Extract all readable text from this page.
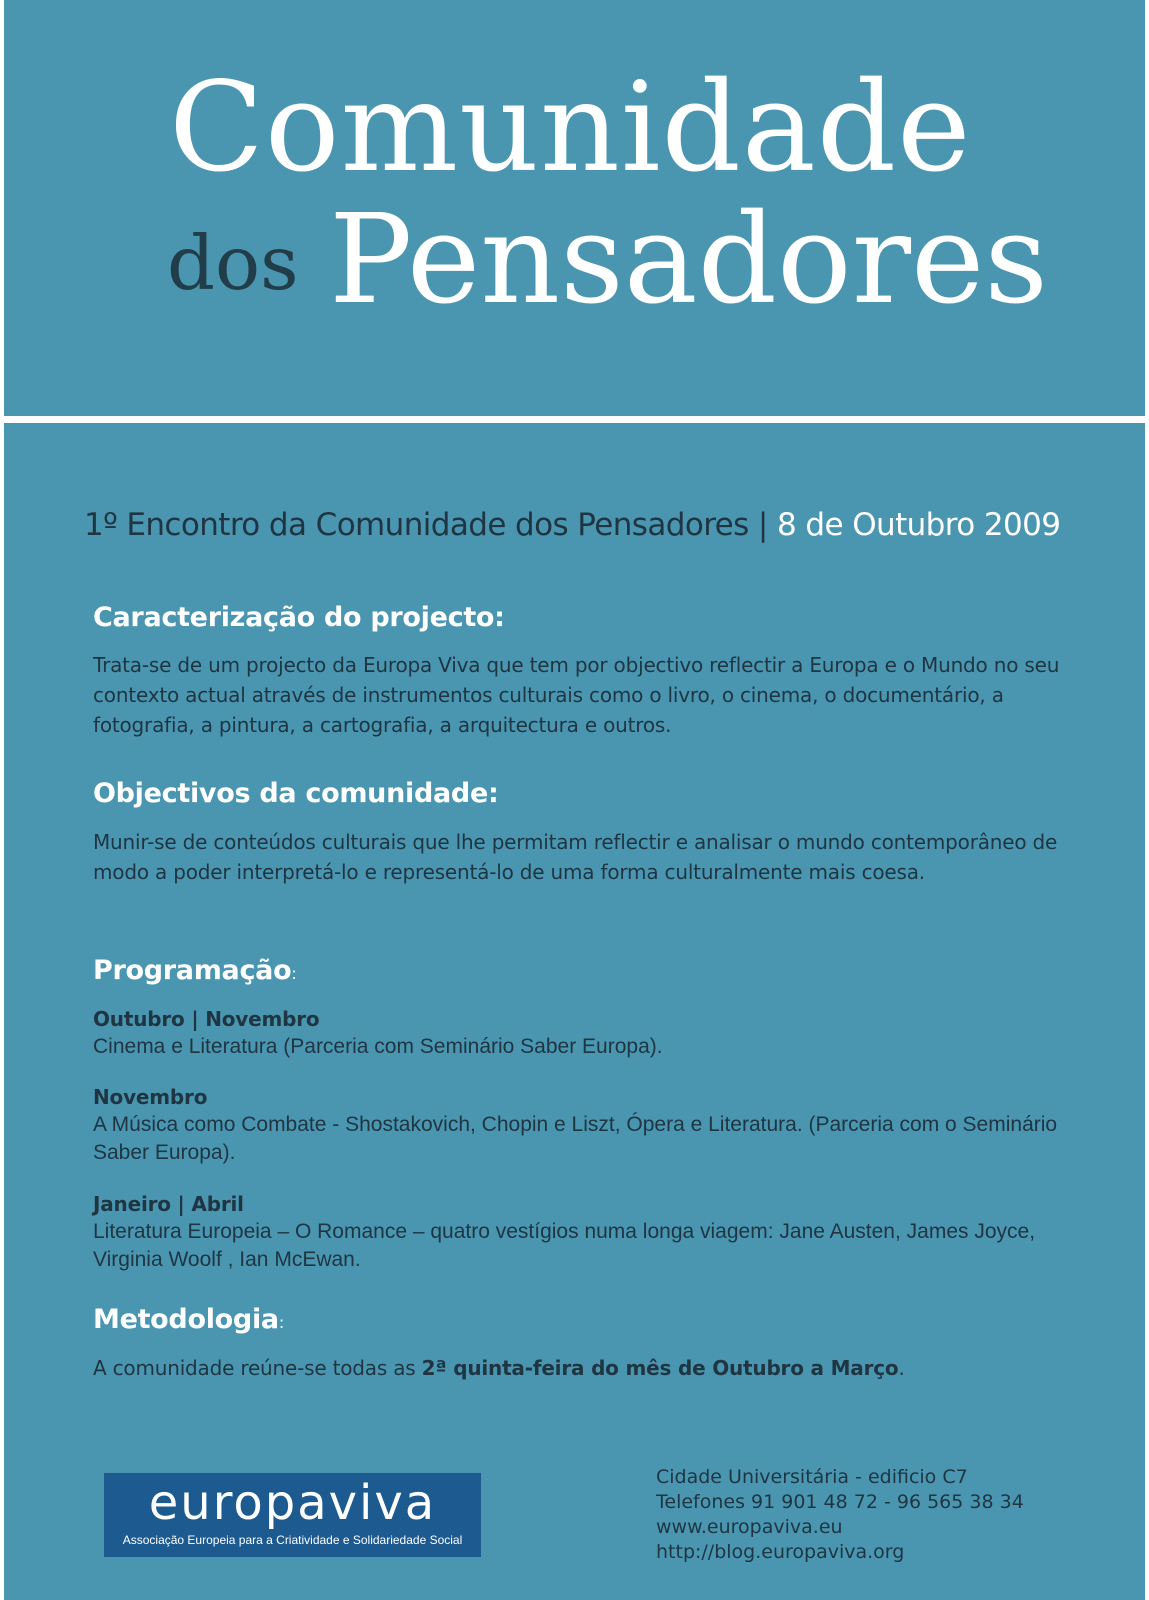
Comunidade
dos Pensadores
1º Encontro da Comunidade dos Pensadores | 8 de Outubro 2009
Caracterização do projecto:

Trata-se de um projecto da Europa Viva que tem por objectivo reflectir a Europa e o Mundo no seu contexto actual através de instrumentos culturais como o livro, o cinema, o documentário, a fotografia, a pintura, a cartografia, a arquitectura e outros.

Objectivos da comunidade:

Munir-se de conteúdos culturais que lhe permitam reflectir e analisar o mundo contemporâneo de modo a poder interpretá-lo e representá-lo de uma forma culturalmente mais coesa.

Programação:
Outubro | Novembro
Cinema e Literatura (Parceria com Seminário Saber Europa).
Novembro
A Música como Combate - Shostakovich, Chopin e Liszt, Ópera e Literatura. (Parceria com o Seminário Saber Europa).
Janeiro | Abril
Literatura Europeia – O Romance – quatro vestígios numa longa viagem: Jane Austen, James Joyce, Virginia Woolf , Ian McEwan.
Metodologia:

A comunidade reúne-se todas as 2ª quinta-feira do mês de Outubro a Março.

europaviva
Associação Europeia para a Criatividade e Solidariedade Social
Cidade Universitária - edificio C7
Telefones 91 901 48 72 - 96 565 38 34
www.europaviva.eu
http://blog.europaviva.org
